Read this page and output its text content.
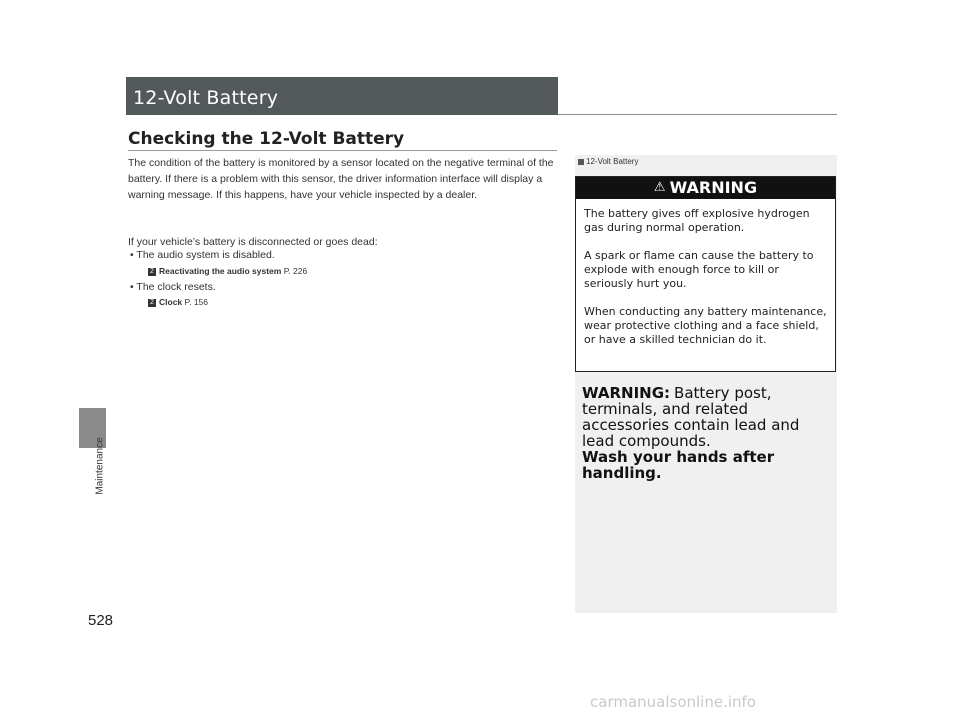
Maintenance
528
12-Volt Battery
Checking the 12-Volt Battery
The condition of the battery is monitored by a sensor located on the negative terminal of the battery. If there is a problem with this sensor, the driver information interface will display a warning message. If this happens, have your vehicle inspected by a dealer.
If your vehicle’s battery is disconnected or goes dead:
• The audio system is disabled.
2 Reactivating the audio system P. 226
• The clock resets.
2 Clock P. 156
12-Volt Battery
⚠ WARNING
The battery gives off explosive hydrogen gas during normal operation.
A spark or flame can cause the battery to explode with enough force to kill or seriously hurt you.
When conducting any battery maintenance, wear protective clothing and a face shield, or have a skilled technician do it.
WARNING: Battery post, terminals, and related accessories contain lead and lead compounds.
Wash your hands after handling.
carmanualsonline.info
